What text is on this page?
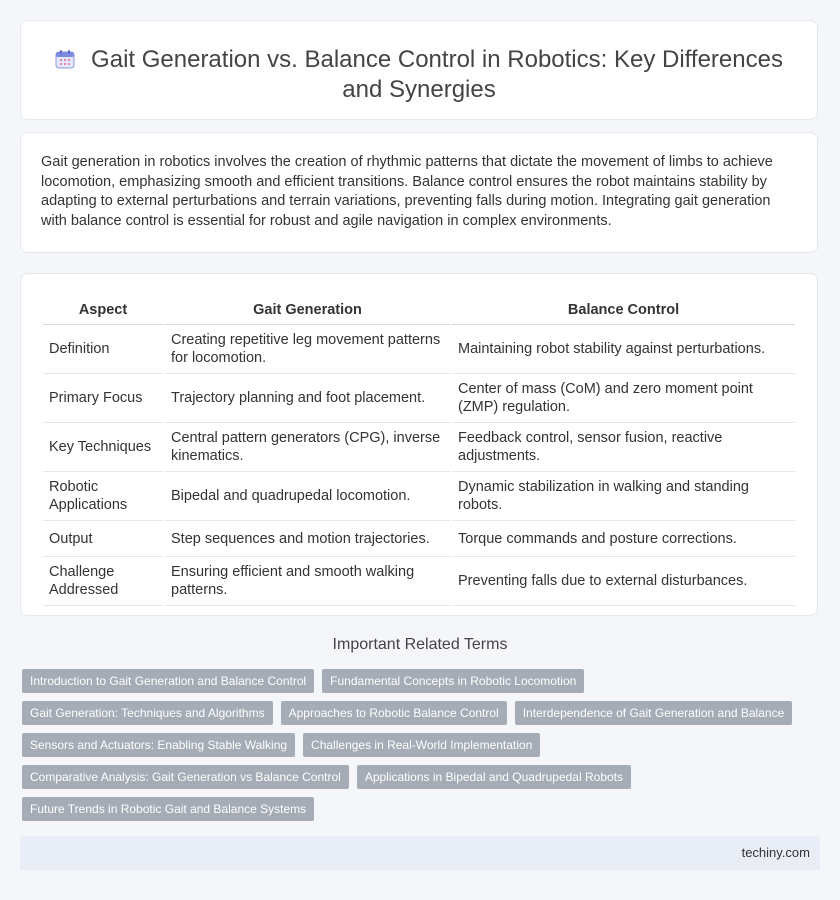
Gait Generation vs. Balance Control in Robotics: Key Differences and Synergies

Gait generation in robotics involves the creation of rhythmic patterns that dictate the movement of limbs to achieve locomotion, emphasizing smooth and efficient transitions. Balance control ensures the robot maintains stability by adapting to external perturbations and terrain variations, preventing falls during motion. Integrating gait generation with balance control is essential for robust and agile navigation in complex environments.

Aspect	Gait Generation	Balance Control
Definition	Creating repetitive leg movement patterns for locomotion.	Maintaining robot stability against perturbations.
Primary Focus	Trajectory planning and foot placement.	Center of mass (CoM) and zero moment point (ZMP) regulation.
Key Techniques	Central pattern generators (CPG), inverse kinematics.	Feedback control, sensor fusion, reactive adjustments.
Robotic Applications	Bipedal and quadrupedal locomotion.	Dynamic stabilization in walking and standing robots.
Output	Step sequences and motion trajectories.	Torque commands and posture corrections.
Challenge Addressed	Ensuring efficient and smooth walking patterns.	Preventing falls due to external disturbances.
Important Related Terms
Introduction to Gait Generation and Balance Control	Fundamental Concepts in Robotic Locomotion
Gait Generation: Techniques and Algorithms	Approaches to Robotic Balance Control	Interdependence of Gait Generation and Balance
Sensors and Actuators: Enabling Stable Walking	Challenges in Real-World Implementation
Comparative Analysis: Gait Generation vs Balance Control	Applications in Bipedal and Quadrupedal Robots
Future Trends in Robotic Gait and Balance Systems
techiny.com
